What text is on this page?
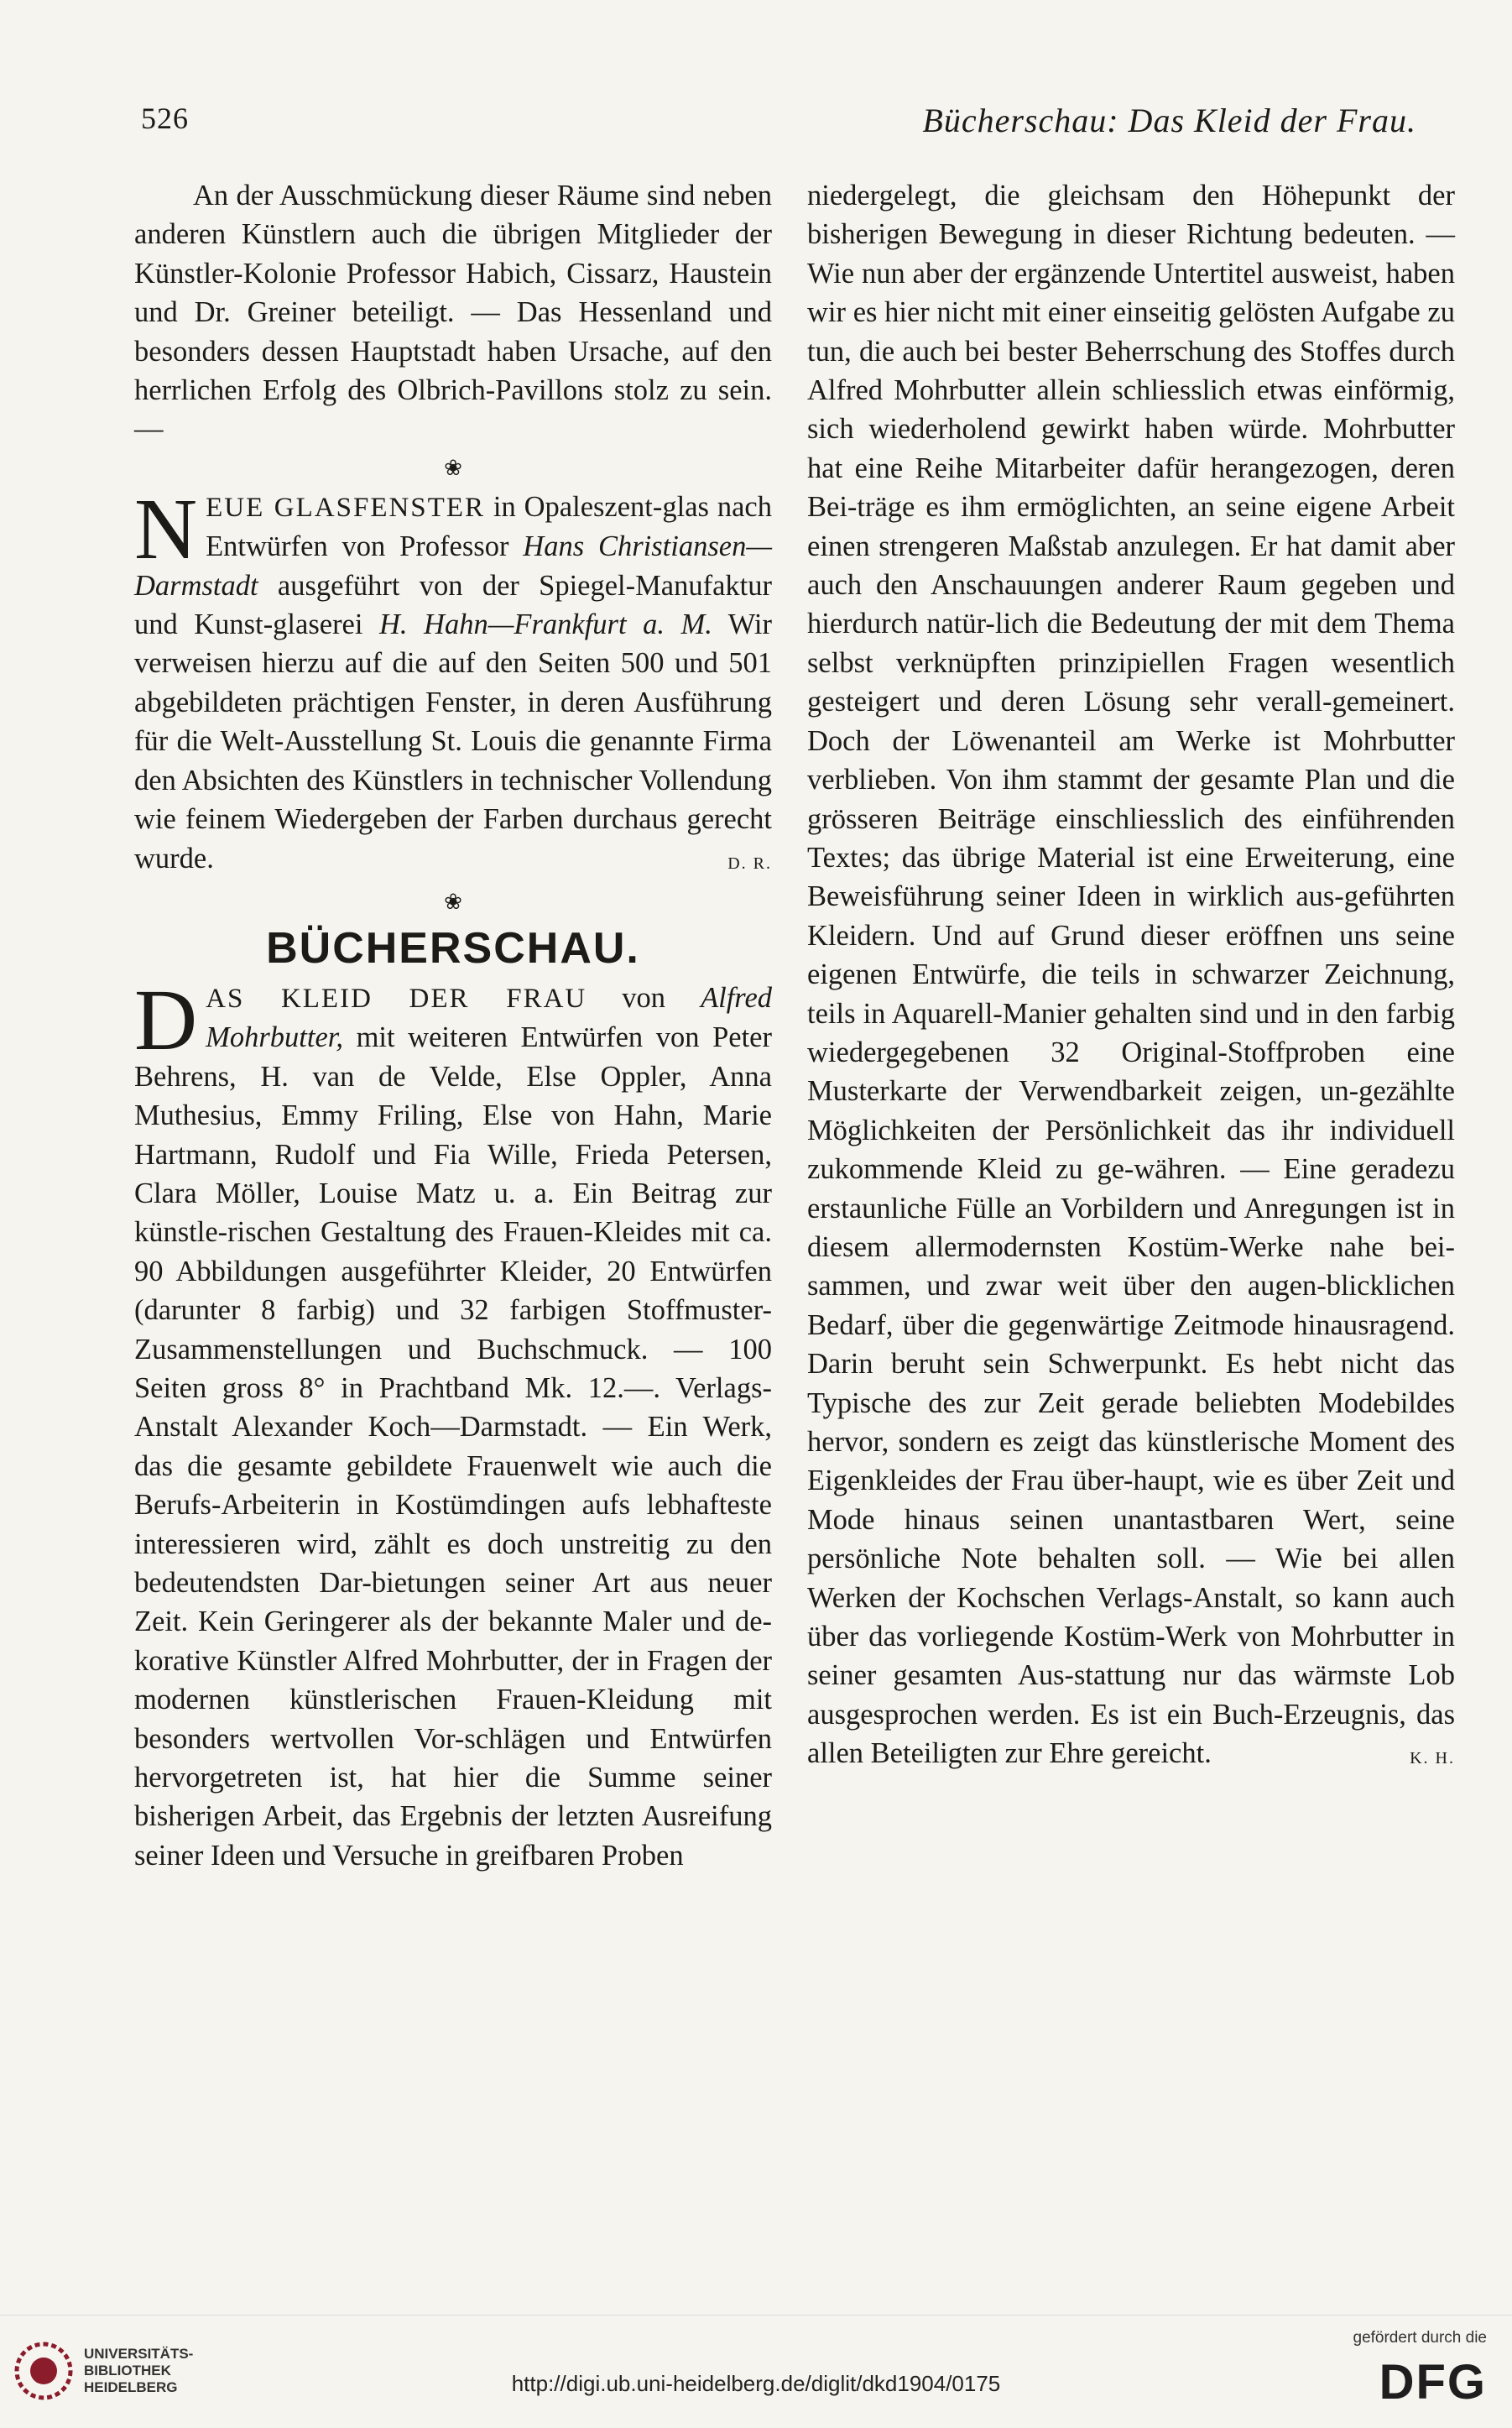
526	Bücherschau: Das Kleid der Frau.

An der Ausschmückung dieser Räume sind neben anderen Künstlern auch die übrigen Mitglieder der Künstler-Kolonie Professor Habich, Cissarz, Haustein und Dr. Greiner beteiligt. — Das Hessenland und besonders dessen Hauptstadt haben Ursache, auf den herrlichen Erfolg des Olbrich-Pavillons stolz zu sein. —

❀

NEUE GLASFENSTER in Opaleszent-glas nach Entwürfen von Professor Hans Christiansen—Darmstadt ausgeführt von der Spiegel-Manufaktur und Kunst-glaserei H. Hahn—Frankfurt a. M. Wir verweisen hierzu auf die auf den Seiten 500 und 501 abgebildeten prächtigen Fenster, in deren Ausführung für die Welt-Ausstellung St. Louis die genannte Firma den Absichten des Künstlers in technischer Vollendung wie feinem Wiedergeben der Farben durchaus gerecht wurde.	D. R.

❀
BÜCHERSCHAU.

DAS KLEID DER FRAU von Alfred Mohrbutter, mit weiteren Entwürfen von Peter Behrens, H. van de Velde, Else Oppler, Anna Muthesius, Emmy Friling, Else von Hahn, Marie Hartmann, Rudolf und Fia Wille, Frieda Petersen, Clara Möller, Louise Matz u. a. Ein Beitrag zur künstle-rischen Gestaltung des Frauen-Kleides mit ca. 90 Abbildungen ausgeführter Kleider, 20 Entwürfen (darunter 8 farbig) und 32 farbigen Stoffmuster-Zusammenstellungen und Buchschmuck. — 100 Seiten gross 8° in Prachtband Mk. 12.—. Verlags-Anstalt Alexander Koch—Darmstadt. — Ein Werk, das die gesamte gebildete Frauenwelt wie auch die Berufs-Arbeiterin in Kostümdingen aufs lebhafteste interessieren wird, zählt es doch unstreitig zu den bedeutendsten Dar-bietungen seiner Art aus neuer Zeit. Kein Geringerer als der bekannte Maler und de-korative Künstler Alfred Mohrbutter, der in Fragen der modernen künstlerischen Frauen-Kleidung mit besonders wertvollen Vor-schlägen und Entwürfen hervorgetreten ist, hat hier die Summe seiner bisherigen Arbeit, das Ergebnis der letzten Ausreifung seiner Ideen und Versuche in greifbaren Proben

niedergelegt, die gleichsam den Höhepunkt der bisherigen Bewegung in dieser Richtung bedeuten. — Wie nun aber der ergänzende Untertitel ausweist, haben wir es hier nicht mit einer einseitig gelösten Aufgabe zu tun, die auch bei bester Beherrschung des Stoffes durch Alfred Mohrbutter allein schliesslich etwas einförmig, sich wiederholend gewirkt haben würde. Mohrbutter hat eine Reihe Mitarbeiter dafür herangezogen, deren Bei-träge es ihm ermöglichten, an seine eigene Arbeit einen strengeren Maßstab anzulegen. Er hat damit aber auch den Anschauungen anderer Raum gegeben und hierdurch natür-lich die Bedeutung der mit dem Thema selbst verknüpften prinzipiellen Fragen wesentlich gesteigert und deren Lösung sehr verall-gemeinert. Doch der Löwenanteil am Werke ist Mohrbutter verblieben. Von ihm stammt der gesamte Plan und die grösseren Beiträge einschliesslich des einführenden Textes; das übrige Material ist eine Erweiterung, eine Beweisführung seiner Ideen in wirklich aus-geführten Kleidern. Und auf Grund dieser eröffnen uns seine eigenen Entwürfe, die teils in schwarzer Zeichnung, teils in Aquarell-Manier gehalten sind und in den farbig wiedergegebenen 32 Original-Stoffproben eine Musterkarte der Verwendbarkeit zeigen, un-gezählte Möglichkeiten der Persönlichkeit das ihr individuell zukommende Kleid zu ge-währen. — Eine geradezu erstaunliche Fülle an Vorbildern und Anregungen ist in diesem allermodernsten Kostüm-Werke nahe bei-sammen, und zwar weit über den augen-blicklichen Bedarf, über die gegenwärtige Zeitmode hinausragend. Darin beruht sein Schwerpunkt. Es hebt nicht das Typische des zur Zeit gerade beliebten Modebildes hervor, sondern es zeigt das künstlerische Moment des Eigenkleides der Frau über-haupt, wie es über Zeit und Mode hinaus seinen unantastbaren Wert, seine persönliche Note behalten soll. — Wie bei allen Werken der Kochschen Verlags-Anstalt, so kann auch über das vorliegende Kostüm-Werk von Mohrbutter in seiner gesamten Aus-stattung nur das wärmste Lob ausgesprochen werden. Es ist ein Buch-Erzeugnis, das allen Beteiligten zur Ehre gereicht.	K. H.

UNIVERSITÄTS-
BIBLIOTHEK
HEIDELBERG	http://digi.ub.uni-heidelberg.de/diglit/dkd1904/0175
gefördert durch die
DFG
